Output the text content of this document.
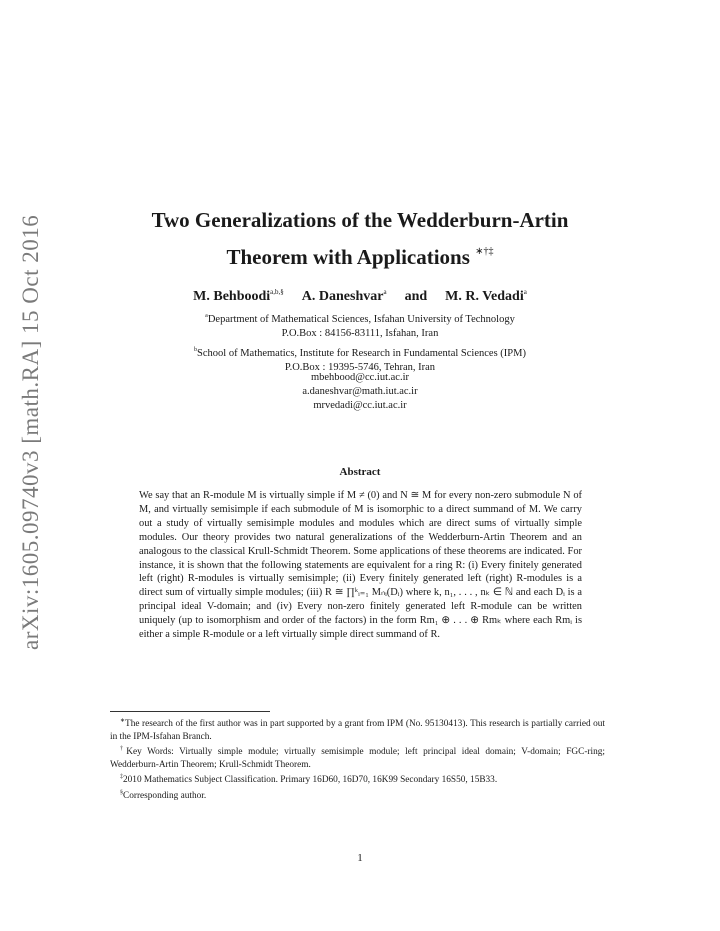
arXiv:1605.09740v3 [math.RA] 15 Oct 2016	Two Generalizations of the Wedderburn-Artin
Theorem with Applications ∗†‡
M. Behboodi$^{a,b,\S}$ A. Daneshvar$^a$ and M. R. Vedadi$^a$
$^a$Department of Mathematical Sciences, Isfahan University of Technology
P.O.Box : 84156-83111, Isfahan, Iran
$^b$School of Mathematics, Institute for Research in Fundamental Sciences (IPM)
P.O.Box : 19395-5746, Tehran, Iran
mbehbood@cc.iut.ac.ir
a.daneshvar@math.iut.ac.ir
mrvedadi@cc.iut.ac.ir
Abstract

We say that an R-module M is virtually simple if M ≠ (0) and N ≅ M for every non-zero submodule N of M, and virtually semisimple if each submodule of M is isomorphic to a direct summand of M. We carry out a study of virtually semisimple modules and modules which are direct sums of virtually simple modules. Our theory provides two natural generalizations of the Wedderburn-Artin Theorem and an analogous to the classical Krull-Schmidt Theorem. Some applications of these theorems are indicated. For instance, it is shown that the following statements are equivalent for a ring R: (i) Every finitely generated left (right) R-modules is virtually semisimple; (ii) Every finitely generated left (right) R-modules is a direct sum of virtually simple modules; (iii) R ≅ ∏ᵏᵢ₌₁ Mₙᵢ(Dᵢ) where k, n₁, . . . , nₖ ∈ ℕ and each Dᵢ is a principal ideal V-domain; and (iv) Every non-zero finitely generated left R-module can be written uniquely (up to isomorphism and order of the factors) in the form Rm₁ ⊕ . . . ⊕ Rmₖ where each Rmᵢ is either a simple R-module or a left virtually simple direct summand of R.

∗The research of the first author was in part supported by a grant from IPM (No. 95130413). This research is partially carried out in the IPM-Isfahan Branch.

†Key Words: Virtually simple module; virtually semisimple module; left principal ideal domain; V-domain; FGC-ring; Wedderburn-Artin Theorem; Krull-Schmidt Theorem.

‡2010 Mathematics Subject Classification. Primary 16D60, 16D70, 16K99 Secondary 16S50, 15B33.

§Corresponding author.

1
